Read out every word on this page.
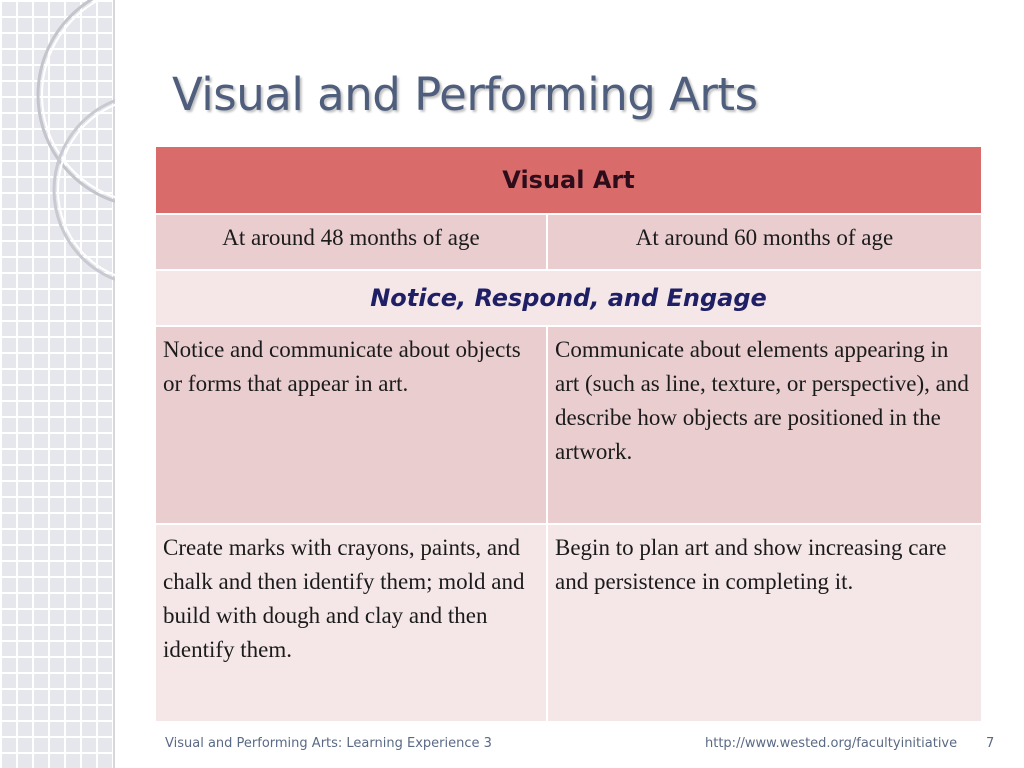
Visual and Performing Arts
Visual Art	
At around 48 months of age	At around 60 months of age
Notice, Respond, and Engage	
Notice and communicate about objects or forms that appear in art.	Communicate about elements appearing in art (such as line, texture, or perspective), and describe how objects are positioned in the artwork.
Create marks with crayons, paints, and chalk and then identify them; mold and build with dough and clay and then identify them.	Begin to plan art and show increasing care and persistence in completing it.
Visual and Performing Arts: Learning Experience 3	http://www.wested.org/facultyinitiative 7
